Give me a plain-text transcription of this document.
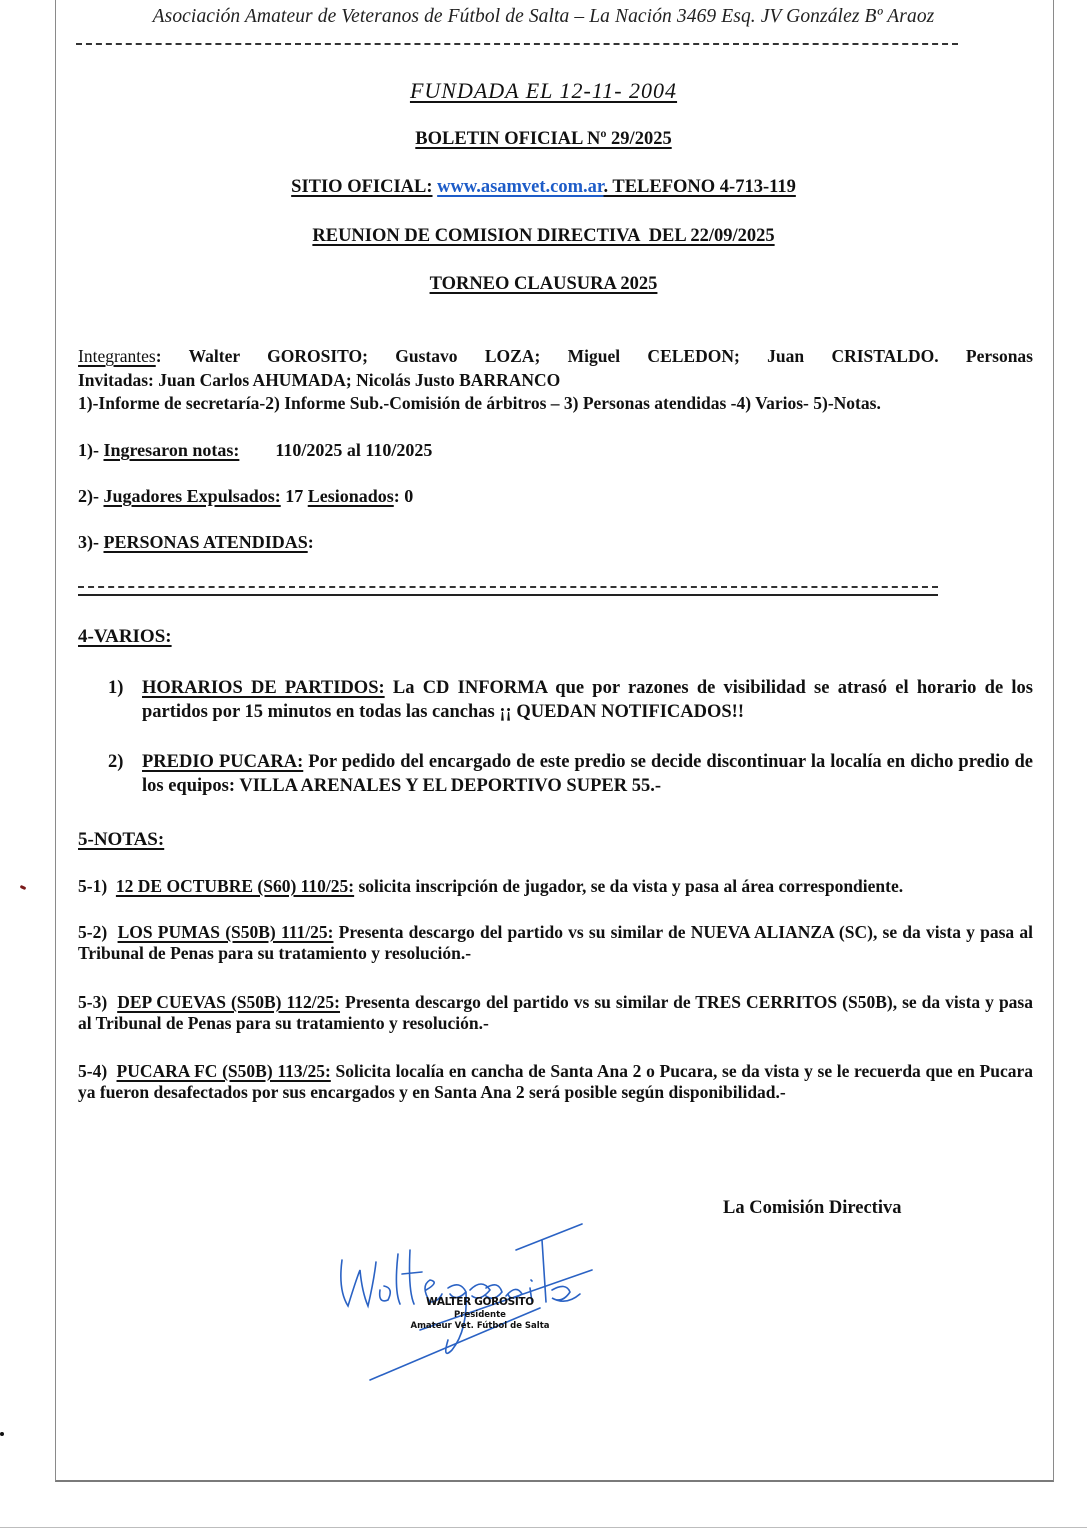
Asociación Amateur de Veteranos de Fútbol de Salta – La Nación 3469 Esq. JV González Bº Araoz
FUNDADA EL 12-11- 2004
BOLETIN OFICIAL Nº 29/2025
SITIO OFICIAL: www.asamvet.com.ar. TELEFONO 4-713-119
REUNION DE COMISION DIRECTIVA  DEL 22/09/2025
TORNEO CLAUSURA 2025
Integrantes: Walter GOROSITO; Gustavo LOZA; Miguel CELEDON; Juan CRISTALDO. Personas
Invitadas: Juan Carlos AHUMADA; Nicolás Justo BARRANCO
1)-Informe de secretaría-2) Informe Sub.-Comisión de árbitros – 3) Personas atendidas -4) Varios- 5)-Notas.
1)- Ingresaron notas: 110/2025 al 110/2025
2)- Jugadores Expulsados: 17 Lesionados: 0
3)- PERSONAS ATENDIDAS:
4-VARIOS:
1) HORARIOS DE PARTIDOS: La CD INFORMA que por razones de visibilidad se atrasó el horario de los partidos por 15 minutos en todas las canchas ¡¡ QUEDAN NOTIFICADOS!!
2) PREDIO PUCARA: Por pedido del encargado de este predio se decide discontinuar la localía en dicho predio de los equipos: VILLA ARENALES Y EL DEPORTIVO SUPER 55.-
5-NOTAS:
5-1) 12 DE OCTUBRE (S60) 110/25: solicita inscripción de jugador, se da vista y pasa al área correspondiente.
5-2) LOS PUMAS (S50B) 111/25: Presenta descargo del partido vs su similar de NUEVA ALIANZA (SC), se da vista y pasa al Tribunal de Penas para su tratamiento y resolución.-
5-3) DEP CUEVAS (S50B) 112/25: Presenta descargo del partido vs su similar de TRES CERRITOS (S50B), se da vista y pasa al Tribunal de Penas para su tratamiento y resolución.-
5-4) PUCARA FC (S50B) 113/25: Solicita localía en cancha de Santa Ana 2 o Pucara, se da vista y se le recuerda que en Pucara ya fueron desafectados por sus encargados y en Santa Ana 2 será posible según disponibilidad.-
La Comisión Directiva
WALTER GOROSITO
Presidente
Amateur Vet. Fútbol de Salta
